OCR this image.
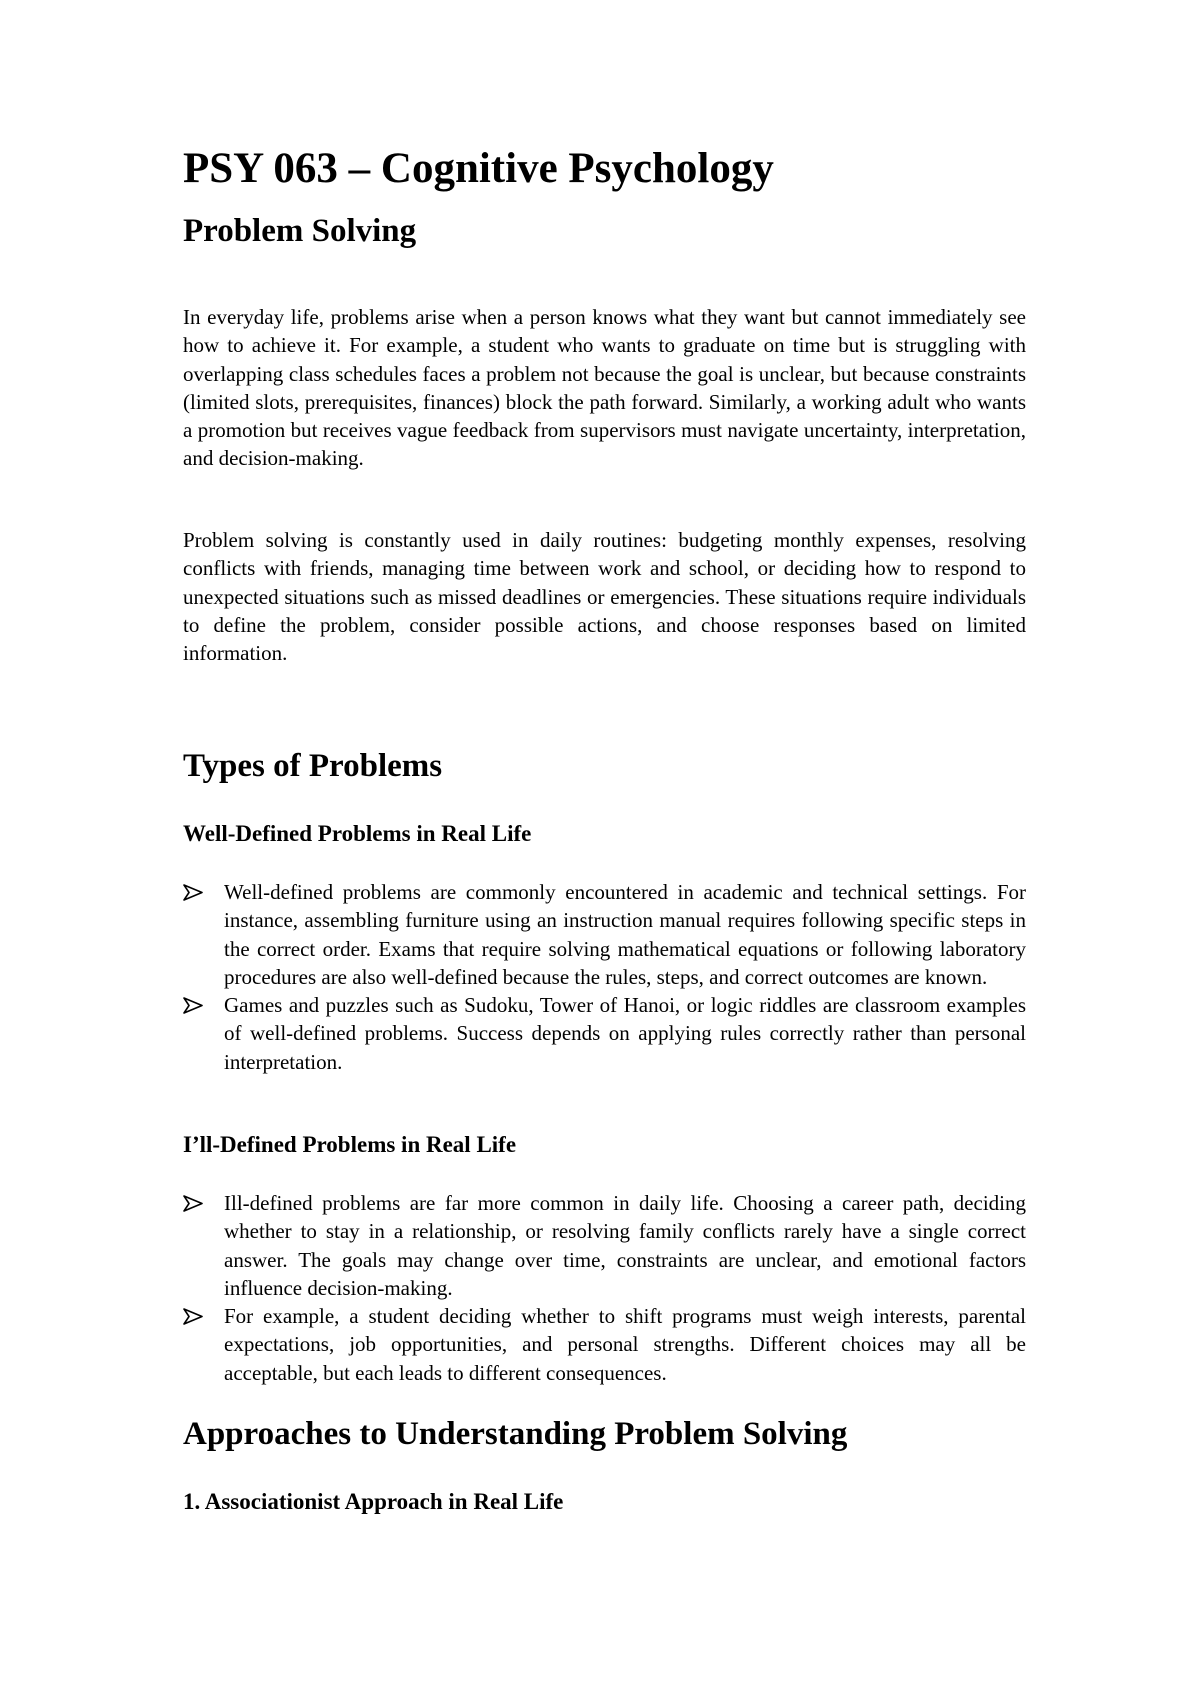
PSY 063 – Cognitive Psychology
Problem Solving

In everyday life, problems arise when a person knows what they want but cannot immediately see how to achieve it. For example, a student who wants to graduate on time but is struggling with overlapping class schedules faces a problem not because the goal is unclear, but because constraints (limited slots, prerequisites, finances) block the path forward. Similarly, a working adult who wants a promotion but receives vague feedback from supervisors must navigate uncertainty, interpretation, and decision-making.

Problem solving is constantly used in daily routines: budgeting monthly expenses, resolving conflicts with friends, managing time between work and school, or deciding how to respond to unexpected situations such as missed deadlines or emergencies. These situations require individuals to define the problem, consider possible actions, and choose responses based on limited information.

Types of Problems
Well-Defined Problems in Real Life
Well-defined problems are commonly encountered in academic and technical settings. For instance, assembling furniture using an instruction manual requires following specific steps in the correct order. Exams that require solving mathematical equations or following laboratory procedures are also well-defined because the rules, steps, and correct outcomes are known.
Games and puzzles such as Sudoku, Tower of Hanoi, or logic riddles are classroom examples of well-defined problems. Success depends on applying rules correctly rather than personal interpretation.
I’ll-Defined Problems in Real Life
Ill-defined problems are far more common in daily life. Choosing a career path, deciding whether to stay in a relationship, or resolving family conflicts rarely have a single correct answer. The goals may change over time, constraints are unclear, and emotional factors influence decision-making.
For example, a student deciding whether to shift programs must weigh interests, parental expectations, job opportunities, and personal strengths. Different choices may all be acceptable, but each leads to different consequences.
Approaches to Understanding Problem Solving
1. Associationist Approach in Real Life
